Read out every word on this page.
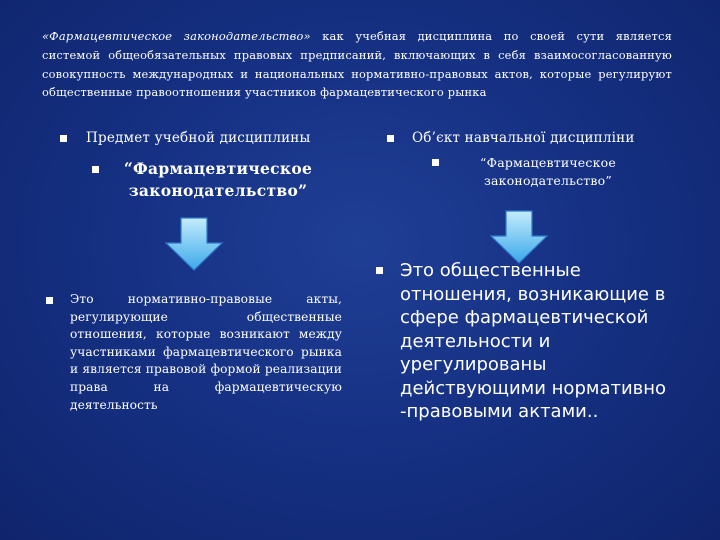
«Фармацевтическое законодательство» как учебная дисциплина по своей сути является системой общеобязательных правовых предписаний, включающих в себя взаимосогласованную совокупность международных и национальных нормативно-правовых актов, которые регулируют общественные правоотношения участников фармацевтического рынка

Предмет учебной дисциплины
“Фармацевтическое законодательство”
Это нормативно-правовые акты, регулирующие общественные отношения, которые возникают между участниками фармацевтического рынка и является правовой формой реализации права на фармацевтическую деятельность
Об’єкт навчальної дисципліни
“Фармацевтическое законодательство”
Это общественные отношения, возникающие в сфере фармацевтической деятельности и урегулированы действующими нормативно -правовыми актами..
